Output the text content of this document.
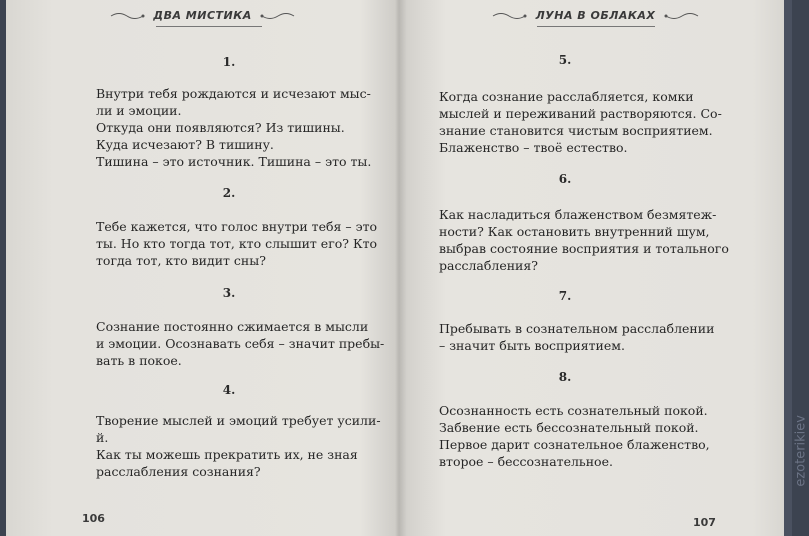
ДВА МИСТИКА
1.

Внутри тебя рождаются и исчезают мыс-

ли и эмоции.

Откуда они появляются? Из тишины.

Куда исчезают? В тишину.

Тишина – это источник. Тишина – это ты.

2.

Тебе кажется, что голос внутри тебя – это

ты. Но кто тогда тот, кто слышит его? Кто

тогда тот, кто видит сны?

3.

Сознание постоянно сжимается в мысли

и эмоции. Осознавать себя – значит пребы-

вать в покое.

4.

Творение мыслей и эмоций требует усили-

й.

Как ты можешь прекратить их, не зная

расслабления сознания?

106
ЛУНА В ОБЛАКАХ
5.

Когда сознание расслабляется, комки

мыслей и переживаний растворяются. Со-

знание становится чистым восприятием.

Блаженство – твоё естество.

6.

Как насладиться блаженством безмятеж-

ности? Как остановить внутренний шум,

выбрав состояние восприятия и тотального

расслабления?

7.

Пребывать в сознательном расслаблении

– значит быть восприятием.

8.

Осознанность есть сознательный покой.

Забвение есть бессознательный покой.

Первое дарит сознательное блаженство,

второе – бессознательное.

107
ezoterikiev
